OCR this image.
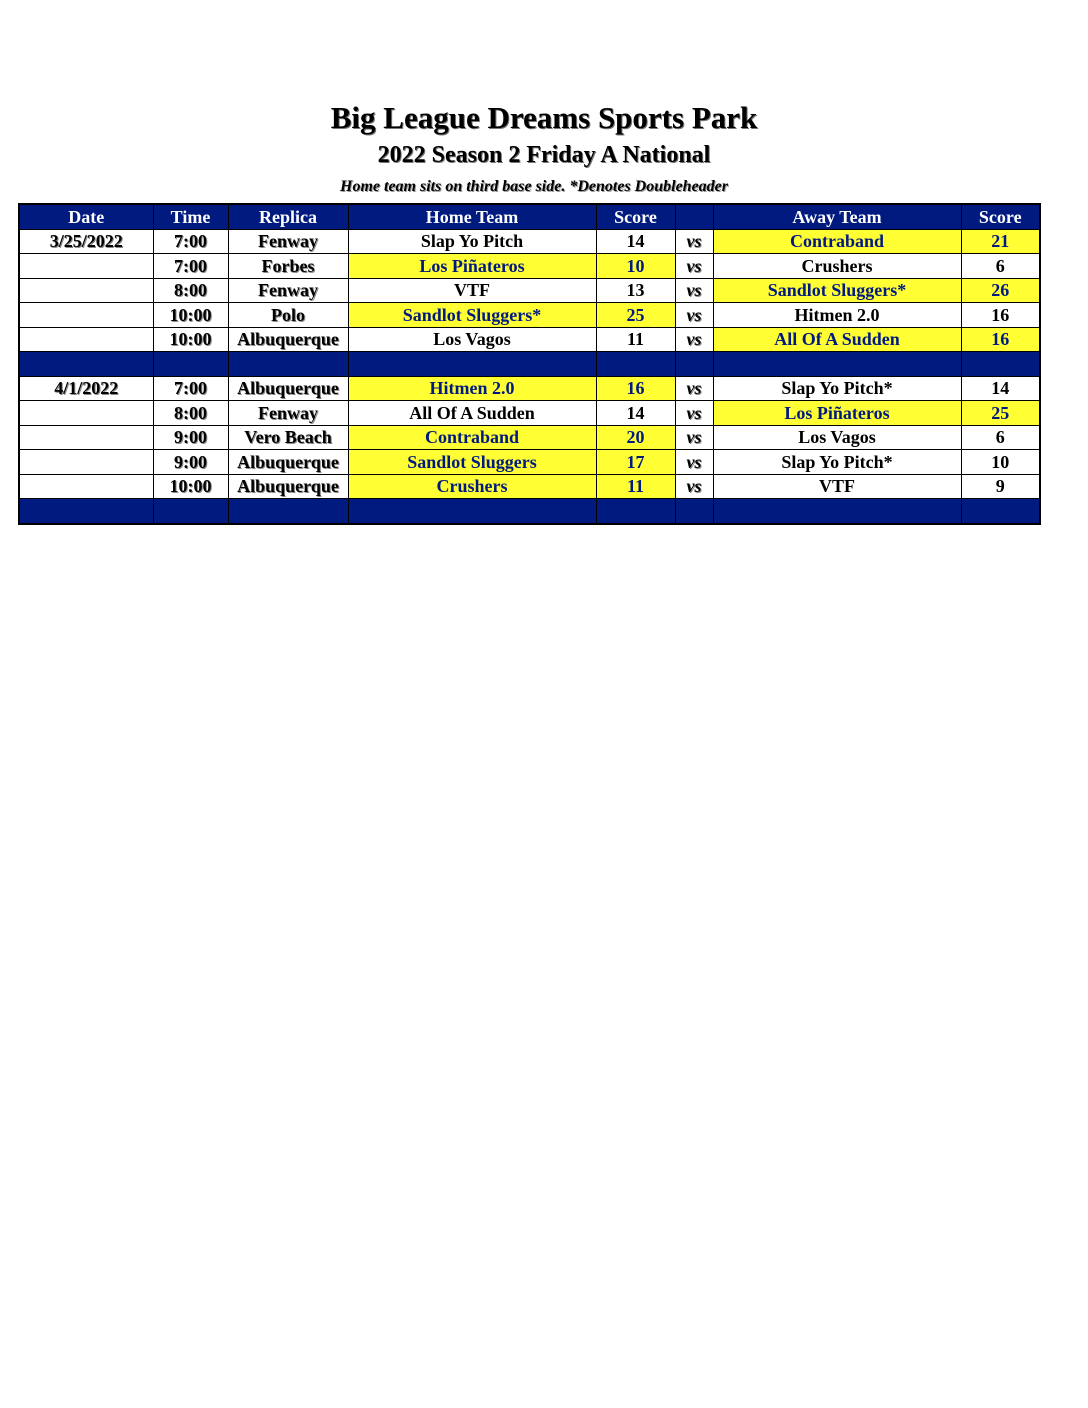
Big League Dreams Sports Park
2022 Season 2 Friday A National
Home team sits on third base side. *Denotes Doubleheader
Date	Time	Replica	Home Team	Score		Away Team	Score
3/25/2022	7:00	Fenway	Slap Yo Pitch	14	vs	Contraband	21
	7:00	Forbes	Los Piñateros	10	vs	Crushers	6
	8:00	Fenway	VTF	13	vs	Sandlot Sluggers*	26
	10:00	Polo	Sandlot Sluggers*	25	vs	Hitmen 2.0	16
	10:00	Albuquerque	Los Vagos	11	vs	All Of A Sudden	16

4/1/2022	7:00	Albuquerque	Hitmen 2.0	16	vs	Slap Yo Pitch*	14
	8:00	Fenway	All Of A Sudden	14	vs	Los Piñateros	25
	9:00	Vero Beach	Contraband	20	vs	Los Vagos	6
	9:00	Albuquerque	Sandlot Sluggers	17	vs	Slap Yo Pitch*	10
	10:00	Albuquerque	Crushers	11	vs	VTF	9
